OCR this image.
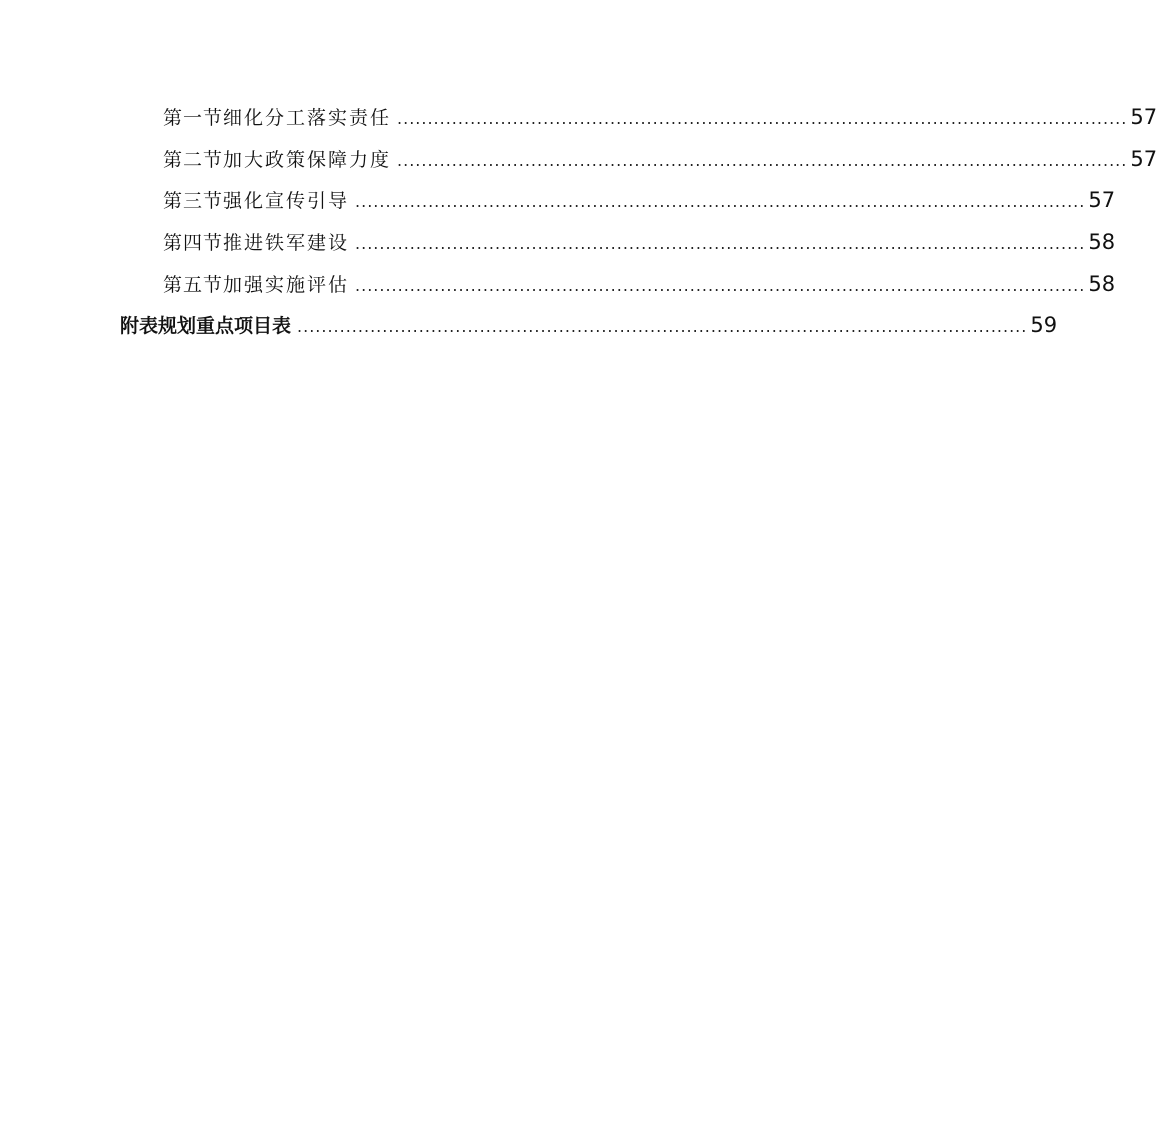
第一节 细化分工落实责任 ........................................................................................................................ 57
第二节 加大政策保障力度 ........................................................................................................................ 57
第三节 强化宣传引导 ........................................................................................................................ 57
第四节 推进铁军建设 ........................................................................................................................ 58
第五节 加强实施评估 ........................................................................................................................ 58
附表 规划重点项目表 ........................................................................................................................ 59
